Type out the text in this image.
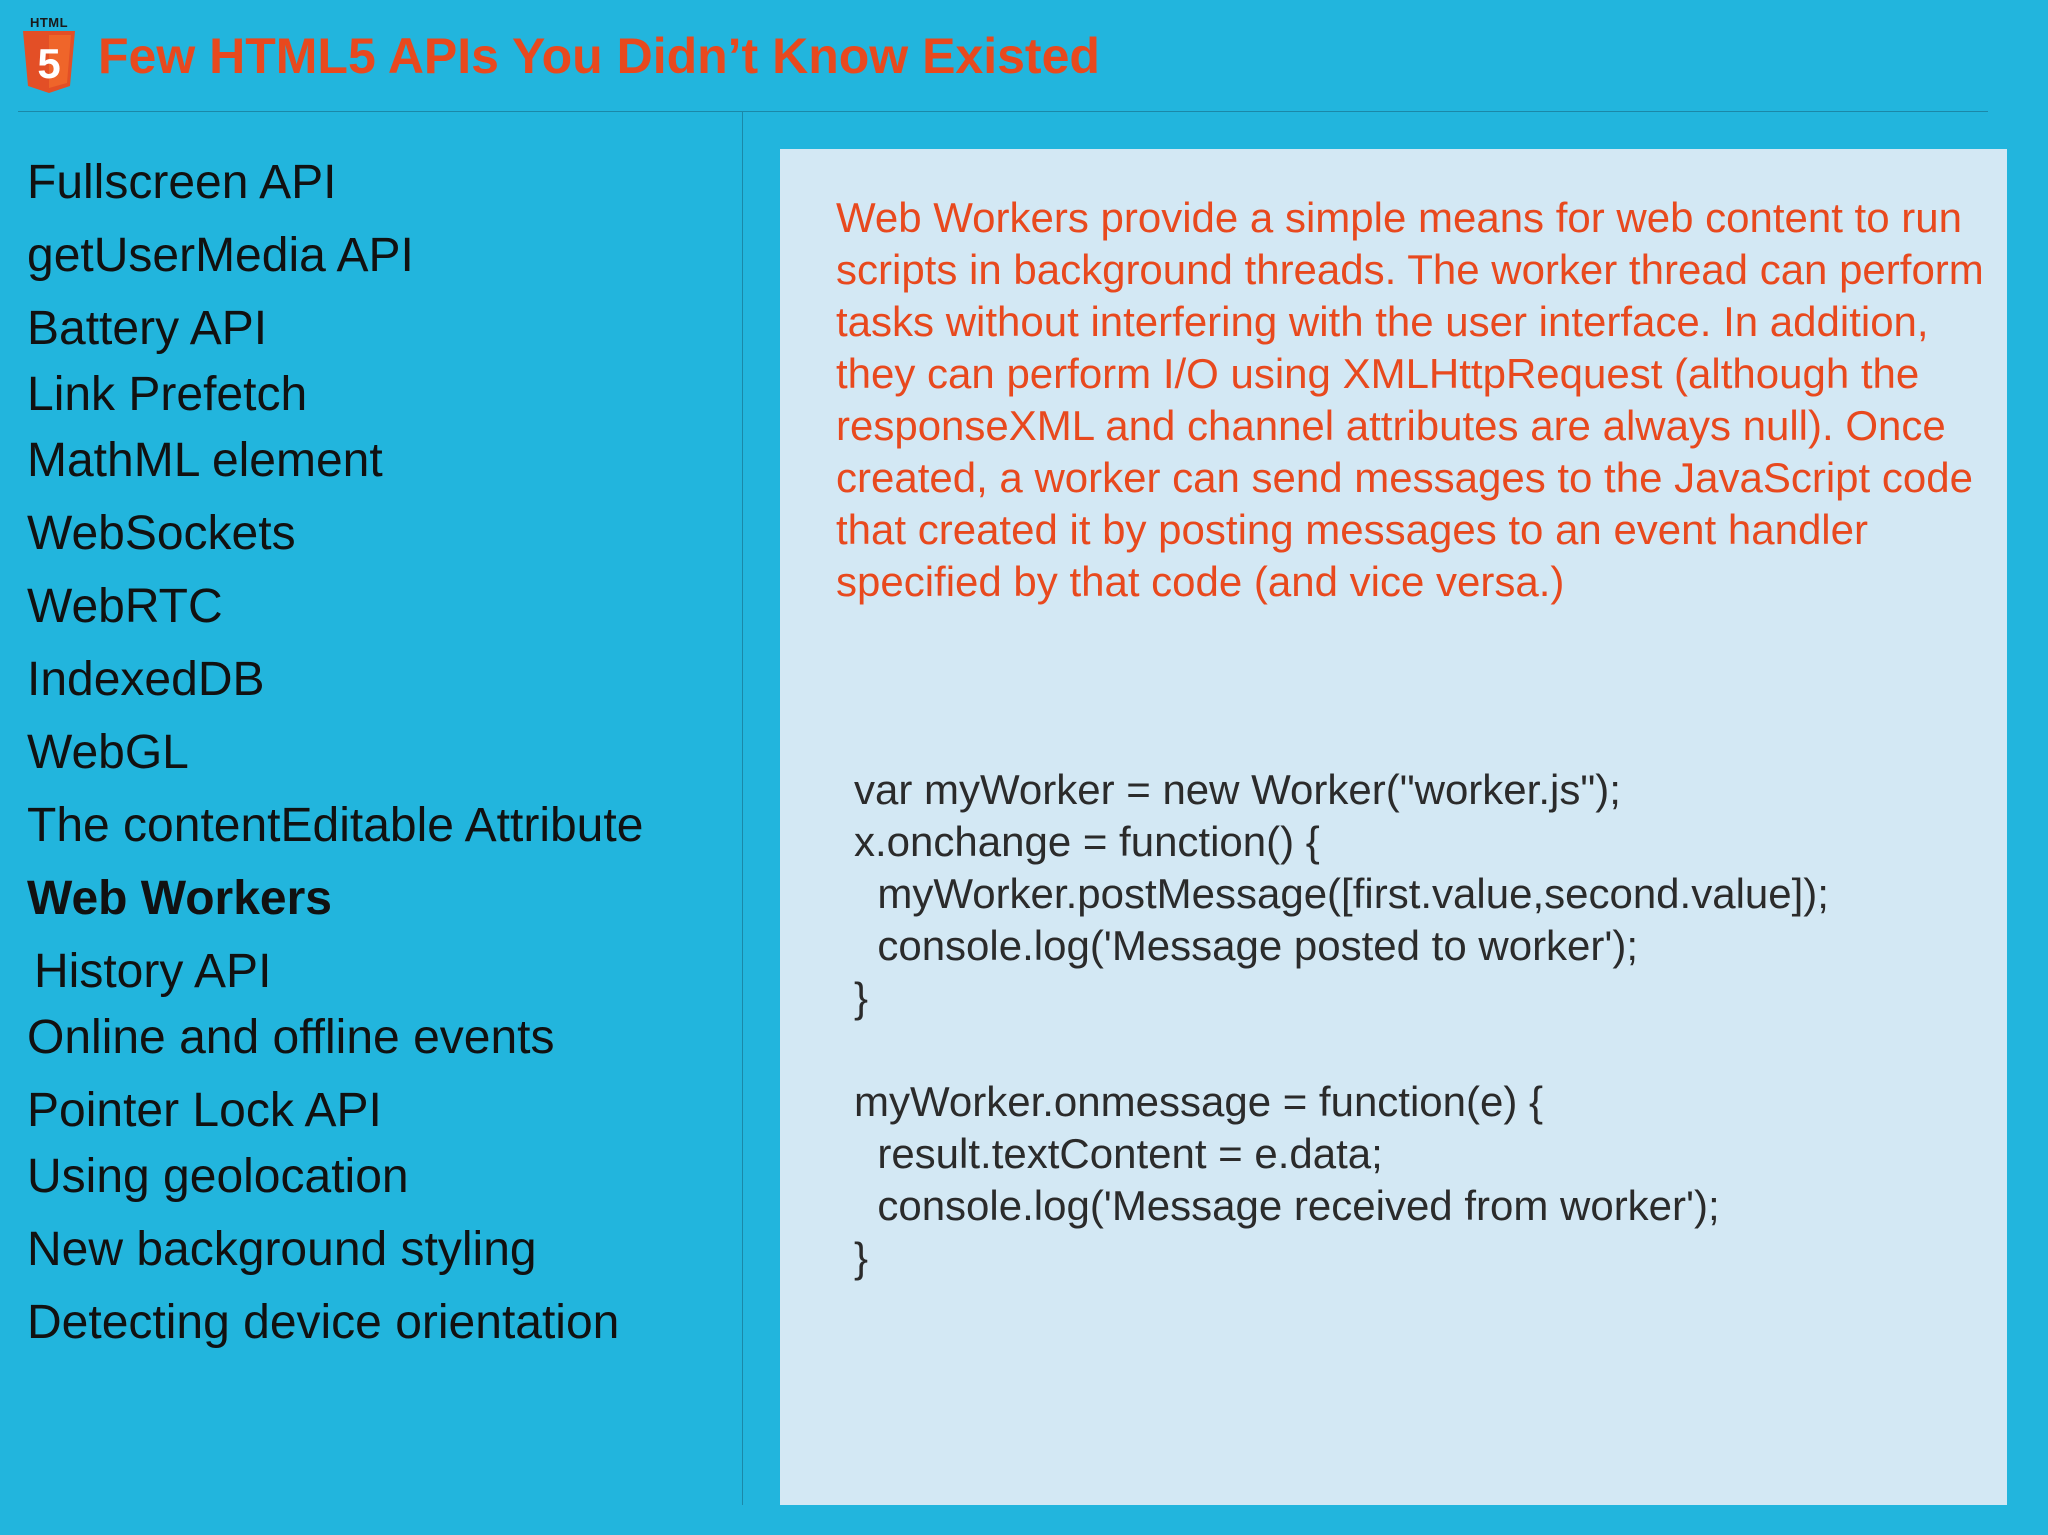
HTML
5 Few HTML5 APIs You Didn’t Know Existed
Fullscreen API
getUserMedia API
Battery API
Link Prefetch
MathML element
WebSockets
WebRTC
IndexedDB
WebGL
The contentEditable Attribute
Web Workers
History API
Online and offline events
Pointer Lock API
Using geolocation
New background styling
Detecting device orientation
Web Workers provide a simple means for web content to run scripts in background threads. The worker thread can perform tasks without interfering with the user interface. In addition, they can perform I/O using XMLHttpRequest (although the responseXML and channel attributes are always null). Once created, a worker can send messages to the JavaScript code that created it by posting messages to an event handler specified by that code (and vice versa.)
var myWorker = new Worker("worker.js");
x.onchange = function() {
myWorker.postMessage([first.value,second.value]);
console.log('Message posted to worker');
}
myWorker.onmessage = function(e) {
result.textContent = e.data;
console.log('Message received from worker');
}
